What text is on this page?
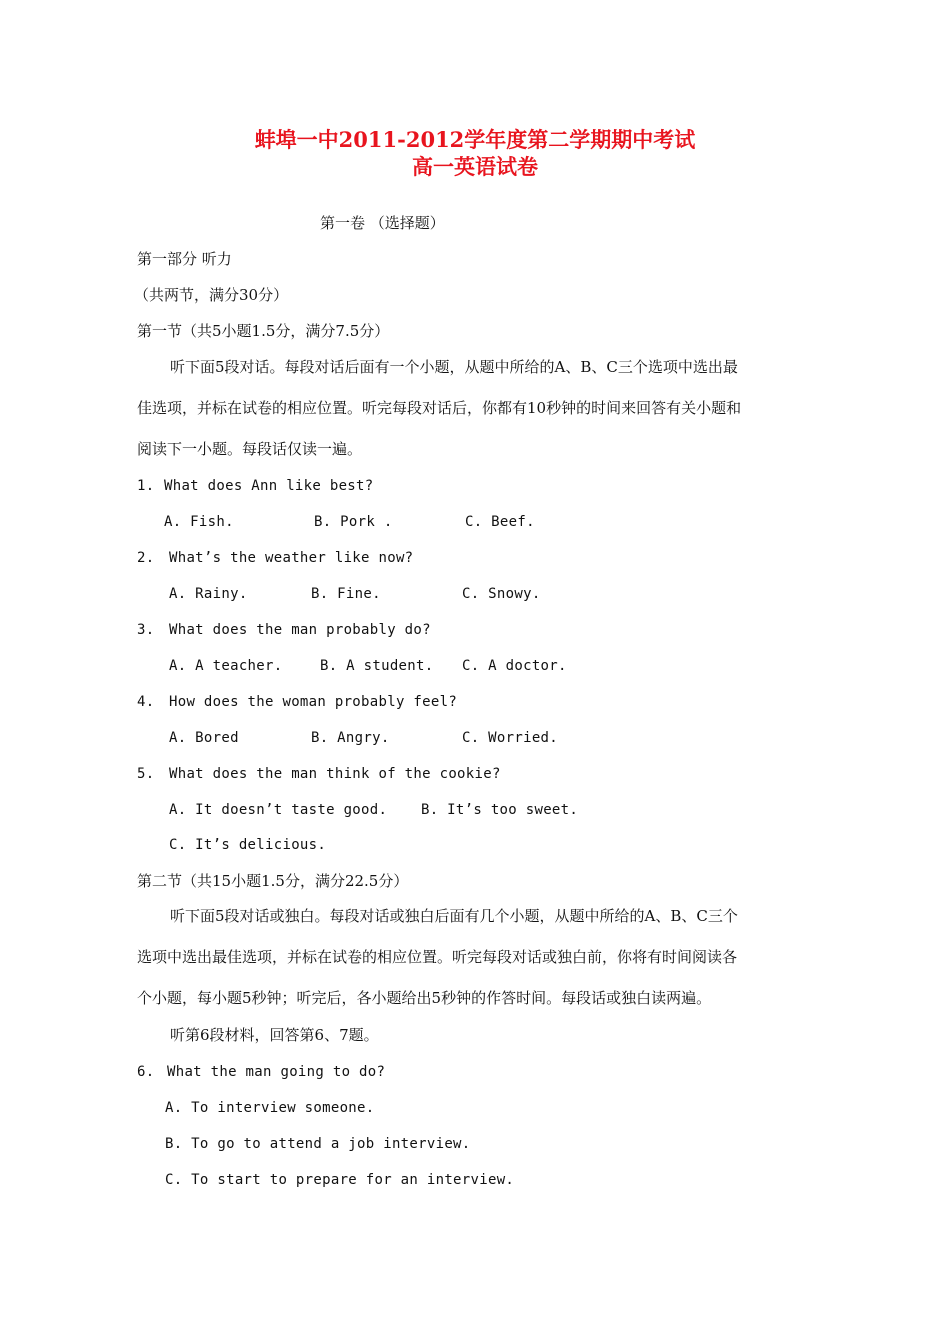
蚌埠一中2011-2012学年度第二学期期中考试
高一英语试卷
第一卷 （选择题）
第一部分 听力
（共两节，满分30分）
第一节（共5小题1.5分，满分7.5分）
听下面5段对话。每段对话后面有一个小题，从题中所给的A、B、C三个选项中选出最
佳选项，并标在试卷的相应位置。听完每段对话后，你都有10秒钟的时间来回答有关小题和
阅读下一小题。每段话仅读一遍。
1. What does Ann like best?
A. Fish.	B. Pork .	C. Beef.
2. What’s the weather like now?
A. Rainy.	B. Fine.	C. Snowy.
3. What does the man probably do?
A. A teacher.	B. A student. C. A doctor.
4. How does the woman probably feel?
A. Bored	B. Angry.	C. Worried.
5. What does the man think of the cookie?
A. It doesn’t taste good. B. It’s too sweet.
C. It’s delicious.
第二节（共15小题1.5分，满分22.5分）
听下面5段对话或独白。每段对话或独白后面有几个小题，从题中所给的A、B、C三个
选项中选出最佳选项，并标在试卷的相应位置。听完每段对话或独白前，你将有时间阅读各
个小题，每小题5秒钟；听完后，各小题给出5秒钟的作答时间。每段话或独白读两遍。
听第6段材料，回答第6、7题。
6. What the man going to do?
A. To interview someone.
B. To go to attend a job interview.
C. To start to prepare for an interview.
